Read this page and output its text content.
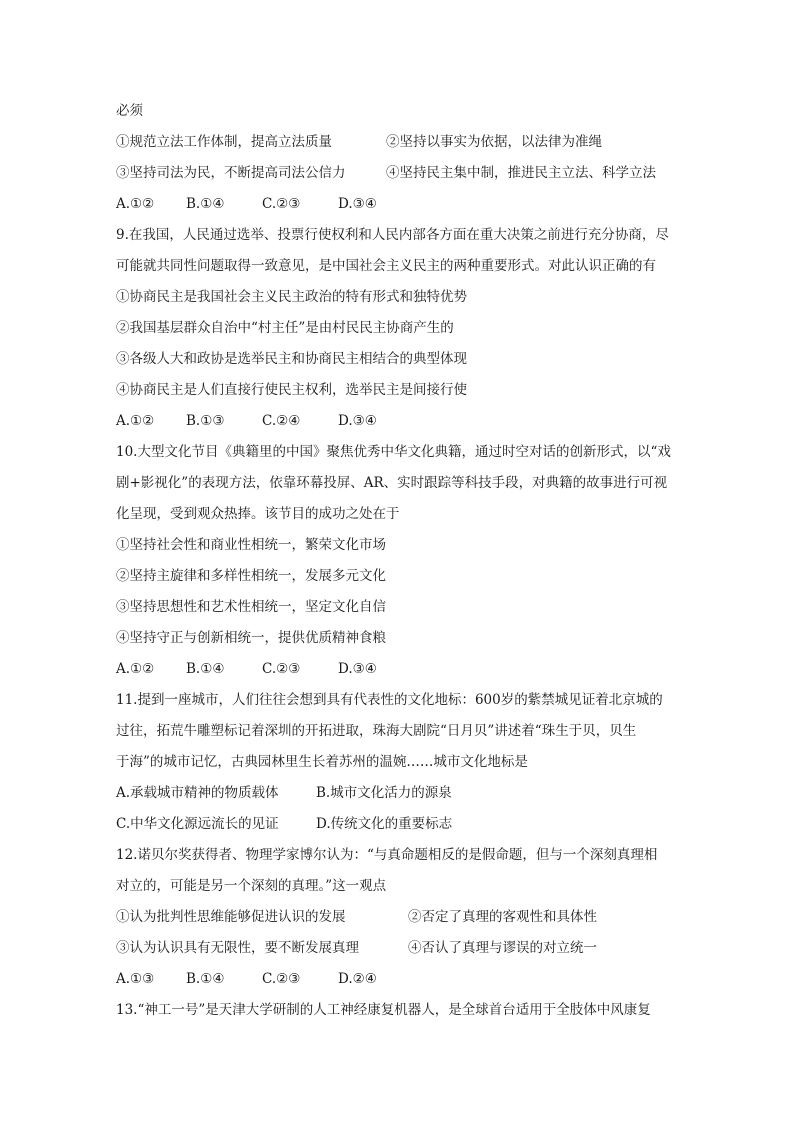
必须
①规范立法工作体制，提高立法质量	②坚持以事实为依据，以法律为准绳
③坚持司法为民，不断提高司法公信力	④坚持民主集中制，推进民主立法、科学立法
A.①② B.①④	C.②③	D.③④
9.在我国，人民通过选举、投票行使权利和人民内部各方面在重大决策之前进行充分协商，尽
可能就共同性问题取得一致意见，是中国社会主义民主的两种重要形式。对此认识正确的有
①协商民主是我国社会主义民主政治的特有形式和独特优势
②我国基层群众自治中“村主任”是由村民民主协商产生的
③各级人大和政协是选举民主和协商民主相结合的典型体现
④协商民主是人们直接行使民主权利，选举民主是间接行使
A.①② B.①③	C.②④	D.③④
10.大型文化节目《典籍里的中国》聚焦优秀中华文化典籍，通过时空对话的创新形式，以“戏
剧+影视化”的表现方法，依靠环幕投屏、AR、实时跟踪等科技手段，对典籍的故事进行可视
化呈现，受到观众热捧。该节目的成功之处在于
①坚持社会性和商业性相统一，繁荣文化市场
②坚持主旋律和多样性相统一，发展多元文化
③坚持思想性和艺术性相统一，坚定文化自信
④坚持守正与创新相统一，提供优质精神食粮
A.①② B.①④	C.②③	D.③④
11.提到一座城市，人们往往会想到具有代表性的文化地标：600岁的紫禁城见证着北京城的
过往，拓荒牛雕塑标记着深圳的开拓进取，珠海大剧院“日月贝”讲述着“珠生于贝，贝生
于海”的城市记忆，古典园林里生长着苏州的温婉……城市文化地标是
A.承载城市精神的物质载体	B.城市文化活力的源泉
C.中华文化源远流长的见证	D.传统文化的重要标志
12.诺贝尔奖获得者、物理学家博尔认为：“与真命题相反的是假命题，但与一个深刻真理相
对立的，可能是另一个深刻的真理。”这一观点
①认为批判性思维能够促进认识的发展	②否定了真理的客观性和具体性
③认为认识具有无限性，要不断发展真理	④否认了真理与谬误的对立统一
A.①③ B.①④	C.②③	D.②④
13.“神工一号”是天津大学研制的人工神经康复机器人，是全球首台适用于全肢体中风康复
